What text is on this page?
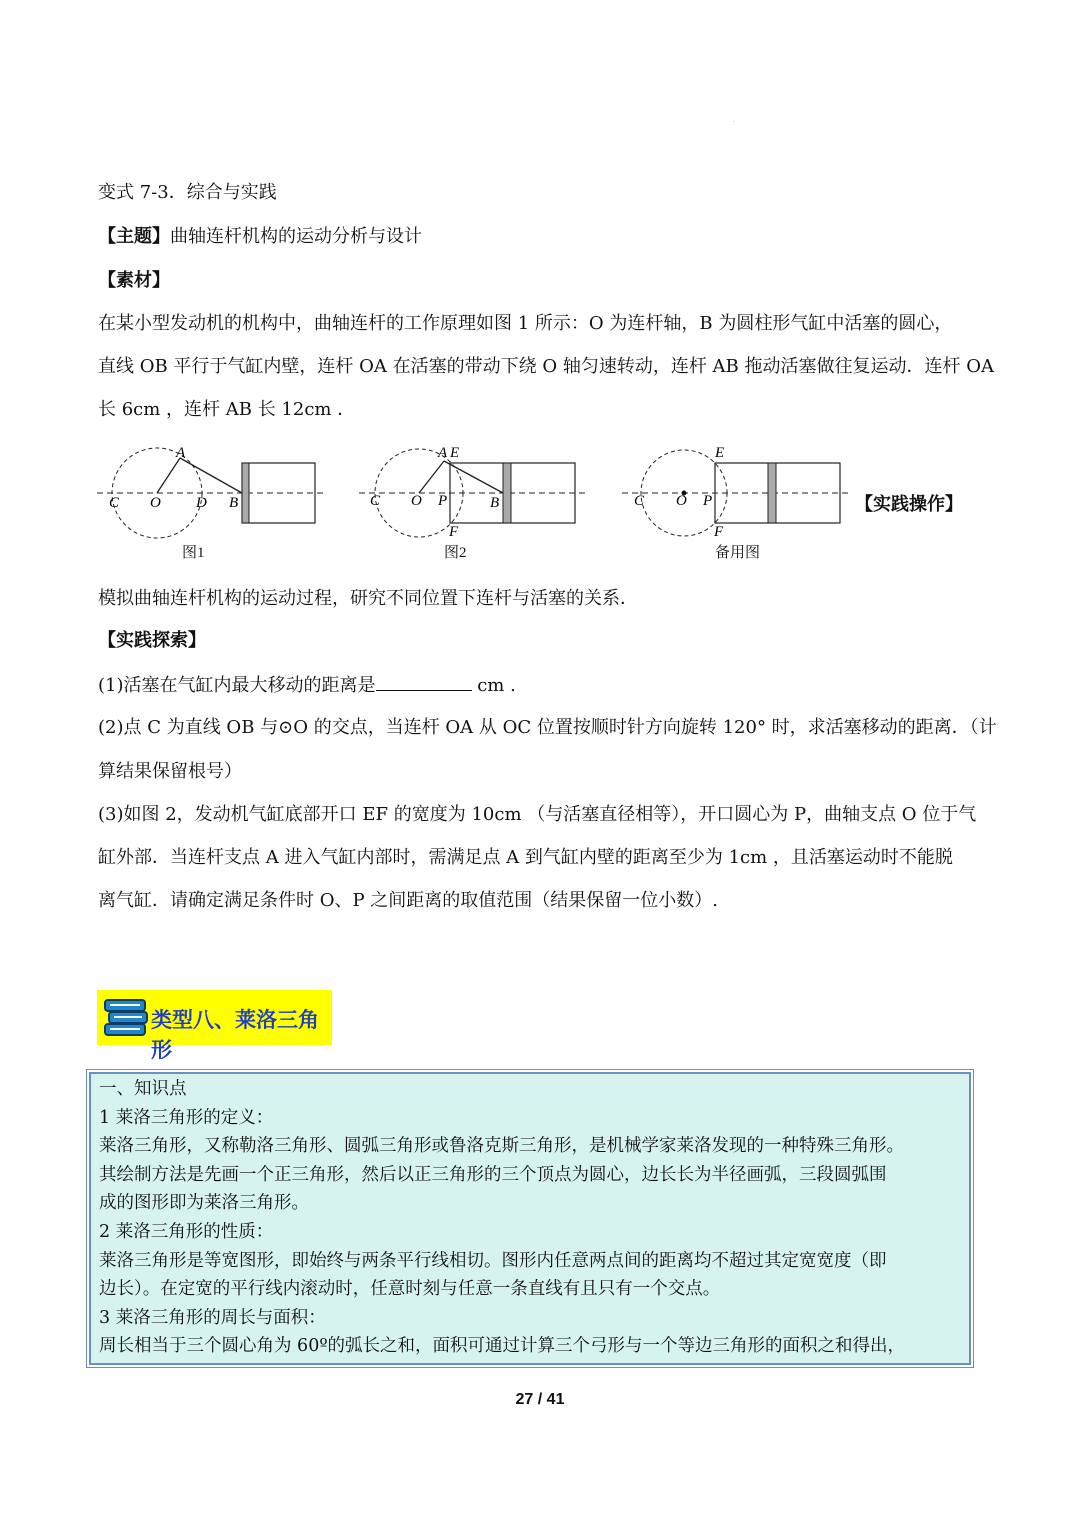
.
变式 7-3．综合与实践
【主题】曲轴连杆机构的运动分析与设计
【素材】
在某小型发动机的机构中，曲轴连杆的工作原理如图 1 所示：O 为连杆轴，B 为圆柱形气缸中活塞的圆心，
直线 OB 平行于气缸内壁，连杆 OA 在活塞的带动下绕 O 轴匀速转动，连杆 AB 拖动活塞做往复运动．连杆 OA
长 6cm ，连杆 AB 长 12cm ．
A
C O D B
A E
C O P	B
F
E
C O P
F
图1	图2	备用图
【实践操作】
模拟曲轴连杆机构的运动过程，研究不同位置下连杆与活塞的关系．
【实践探索】
(1)活塞在气缸内最大移动的距离是	cm .
(2)点 C 为直线 OB 与⊙O 的交点，当连杆 OA 从 OC 位置按顺时针方向旋转 120° 时，求活塞移动的距离．（计
算结果保留根号）
(3)如图 2，发动机气缸底部开口 EF 的宽度为 10cm （与活塞直径相等），开口圆心为 P，曲轴支点 O 位于气
缸外部．当连杆支点 A 进入气缸内部时，需满足点 A 到气缸内壁的距离至少为 1cm ，且活塞运动时不能脱
离气缸．请确定满足条件时 O、P 之间距离的取值范围（结果保留一位小数）.
类型八、莱洛三角形
一、知识点
1 莱洛三角形的定义：
莱洛三角形，又称勒洛三角形、圆弧三角形或鲁洛克斯三角形，是机械学家莱洛发现的一种特殊三角形。
其绘制方法是先画一个正三角形，然后以正三角形的三个顶点为圆心，边长长为半径画弧，三段圆弧围
成的图形即为莱洛三角形。
2 莱洛三角形的性质：
莱洛三角形是等宽图形，即始终与两条平行线相切。图形内任意两点间的距离均不超过其定宽宽度（即
边长）。在定宽的平行线内滚动时，任意时刻与任意一条直线有且只有一个交点。
3 莱洛三角形的周长与面积：
周长相当于三个圆心角为 60º的弧长之和，面积可通过计算三个弓形与一个等边三角形的面积之和得出，
27 / 41
